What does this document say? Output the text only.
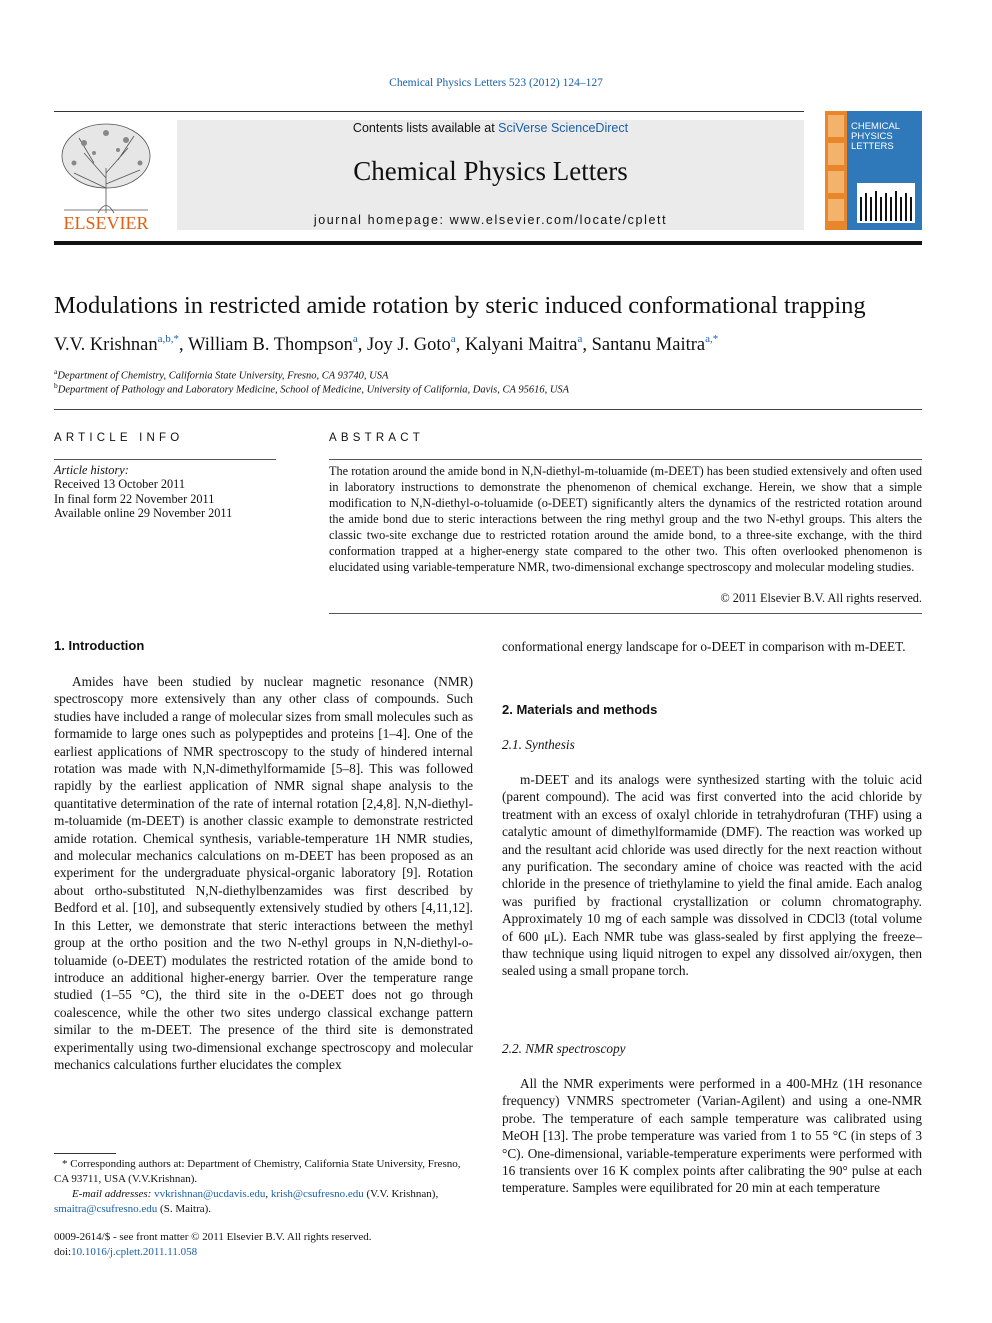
Chemical Physics Letters 523 (2012) 124–127
ELSEVIER
Contents lists available at SciVerse ScienceDirect
Chemical Physics Letters
journal homepage: www.elsevier.com/locate/cplett
CHEMICAL
PHYSICS
LETTERS
Modulations in restricted amide rotation by steric induced conformational trapping
V.V. Krishnan$^{a,b,*}$, William B. Thompson$^a$, Joy J. Goto$^a$, Kalyani Maitra$^a$, Santanu Maitra$^{a,*}$
$^a$Department of Chemistry, California State University, Fresno, CA 93740, USA
$^b$Department of Pathology and Laboratory Medicine, School of Medicine, University of California, Davis, CA 95616, USA
ARTICLE INFO	ABSTRACT
Article history:
Received 13 October 2011
In final form 22 November 2011
Available online 29 November 2011
The rotation around the amide bond in N,N-diethyl-m-toluamide (m-DEET) has been studied extensively and often used in laboratory instructions to demonstrate the phenomenon of chemical exchange. Herein, we show that a simple modification to N,N-diethyl-o-toluamide (o-DEET) significantly alters the dynamics of the restricted rotation around the amide bond due to steric interactions between the ring methyl group and the two N-ethyl groups. This alters the classic two-site exchange due to restricted rotation around the amide bond, to a three-site exchange, with the third conformation trapped at a higher-energy state compared to the other two. This often overlooked phenomenon is elucidated using variable-temperature NMR, two-dimensional exchange spectroscopy and molecular modeling studies.
© 2011 Elsevier B.V. All rights reserved.
1. Introduction

Amides have been studied by nuclear magnetic resonance (NMR) spectroscopy more extensively than any other class of compounds. Such studies have included a range of molecular sizes from small molecules such as formamide to large ones such as polypeptides and proteins [1–4]. One of the earliest applications of NMR spectroscopy to the study of hindered internal rotation was made with N,N-dimethylformamide [5–8]. This was followed rapidly by the earliest application of NMR signal shape analysis to the quantitative determination of the rate of internal rotation [2,4,8]. N,N-diethyl-m-toluamide (m-DEET) is another classic example to demonstrate restricted amide rotation. Chemical synthesis, variable-temperature 1H NMR studies, and molecular mechanics calculations on m-DEET has been proposed as an experiment for the undergraduate physical-organic laboratory [9]. Rotation about ortho-substituted N,N-diethylbenzamides was first described by Bedford et al. [10], and subsequently extensively studied by others [4,11,12]. In this Letter, we demonstrate that steric interactions between the methyl group at the ortho position and the two N-ethyl groups in N,N-diethyl-o-toluamide (o-DEET) modulates the restricted rotation of the amide bond to introduce an additional higher-energy barrier. Over the temperature range studied (1–55 °C), the third site in the o-DEET does not go through coalescence, while the other two sites undergo classical exchange pattern similar to the m-DEET. The presence of the third site is demonstrated experimentally using two-dimensional exchange spectroscopy and molecular mechanics calculations further elucidates the complex

conformational energy landscape for o-DEET in comparison with m-DEET.
2. Materials and methods
2.1. Synthesis

m-DEET and its analogs were synthesized starting with the toluic acid (parent compound). The acid was first converted into the acid chloride by treatment with an excess of oxalyl chloride in tetrahydrofuran (THF) using a catalytic amount of dimethylformamide (DMF). The reaction was worked up and the resultant acid chloride was used directly for the next reaction without any purification. The secondary amine of choice was reacted with the acid chloride in the presence of triethylamine to yield the final amide. Each analog was purified by fractional crystallization or column chromatography. Approximately 10 mg of each sample was dissolved in CDCl3 (total volume of 600 μL). Each NMR tube was glass-sealed by first applying the freeze–thaw technique using liquid nitrogen to expel any dissolved air/oxygen, then sealed using a small propane torch.

2.2. NMR spectroscopy

All the NMR experiments were performed in a 400-MHz (1H resonance frequency) VNMRS spectrometer (Varian-Agilent) and using a one-NMR probe. The temperature of each sample temperature was calibrated using MeOH [13]. The probe temperature was varied from 1 to 55 °C (in steps of 3 °C). One-dimensional, variable-temperature experiments were performed with 16 transients over 16 K complex points after calibrating the 90° pulse at each temperature. Samples were equilibrated for 20 min at each temperature

* Corresponding authors at: Department of Chemistry, California State University, Fresno, CA 93711, USA (V.V.Krishnan).
E-mail addresses: vvkrishnan@ucdavis.edu, krish@csufresno.edu (V.V. Krishnan), smaitra@csufresno.edu (S. Maitra).
0009-2614/$ - see front matter © 2011 Elsevier B.V. All rights reserved.
doi:10.1016/j.cplett.2011.11.058
